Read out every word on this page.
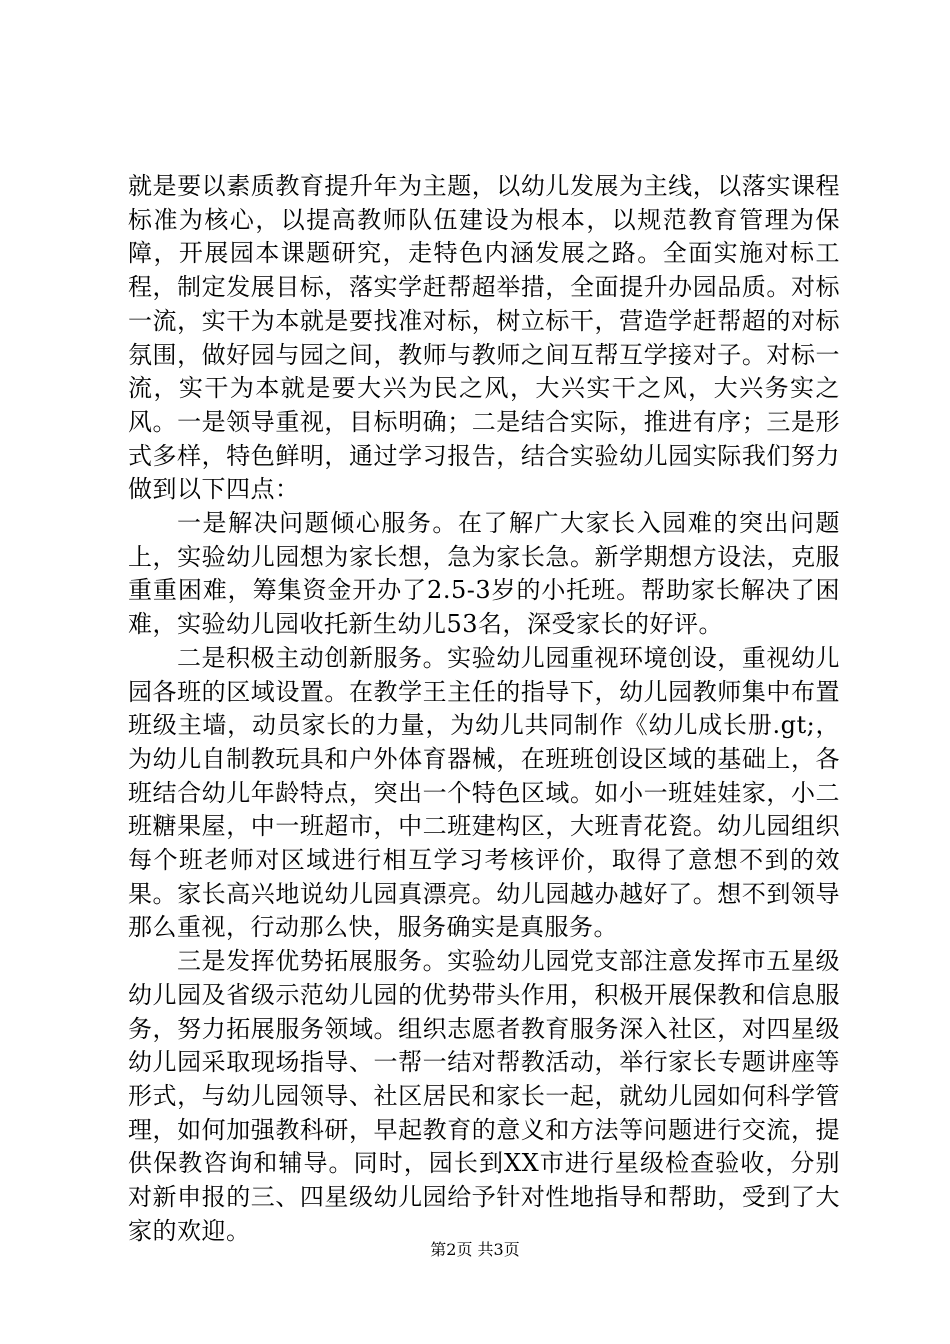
就是要以素质教育提升年为主题，以幼儿发展为主线，以落实课程标准为核心，以提高教师队伍建设为根本，以规范教育管理为保障，开展园本课题研究，走特色内涵发展之路。全面实施对标工程，制定发展目标，落实学赶帮超举措，全面提升办园品质。对标一流，实干为本就是要找准对标，树立标干，营造学赶帮超的对标氛围，做好园与园之间，教师与教师之间互帮互学接对子。对标一流，实干为本就是要大兴为民之风，大兴实干之风，大兴务实之风。一是领导重视，目标明确；二是结合实际，推进有序；三是形式多样，特色鲜明，通过学习报告，结合实验幼儿园实际我们努力做到以下四点：

一是解决问题倾心服务。在了解广大家长入园难的突出问题上，实验幼儿园想为家长想，急为家长急。新学期想方设法，克服重重困难，筹集资金开办了2.5-3岁的小托班。帮助家长解决了困难，实验幼儿园收托新生幼儿53名，深受家长的好评。

二是积极主动创新服务。实验幼儿园重视环境创设，重视幼儿园各班的区域设置。在教学王主任的指导下，幼儿园教师集中布置班级主墙，动员家长的力量，为幼儿共同制作《幼儿成长册.gt;，为幼儿自制教玩具和户外体育器械，在班班创设区域的基础上，各班结合幼儿年龄特点，突出一个特色区域。如小一班娃娃家，小二班糖果屋，中一班超市，中二班建构区，大班青花瓷。幼儿园组织每个班老师对区域进行相互学习考核评价，取得了意想不到的效果。家长高兴地说幼儿园真漂亮。幼儿园越办越好了。想不到领导那么重视，行动那么快，服务确实是真服务。

三是发挥优势拓展服务。实验幼儿园党支部注意发挥市五星级幼儿园及省级示范幼儿园的优势带头作用，积极开展保教和信息服务，努力拓展服务领域。组织志愿者教育服务深入社区，对四星级幼儿园采取现场指导、一帮一结对帮教活动，举行家长专题讲座等形式，与幼儿园领导、社区居民和家长一起，就幼儿园如何科学管理，如何加强教科研，早起教育的意义和方法等问题进行交流，提供保教咨询和辅导。同时，园长到XX市进行星级检查验收，分别对新申报的三、四星级幼儿园给予针对性地指导和帮助，受到了大家的欢迎。

第2页 共3页
